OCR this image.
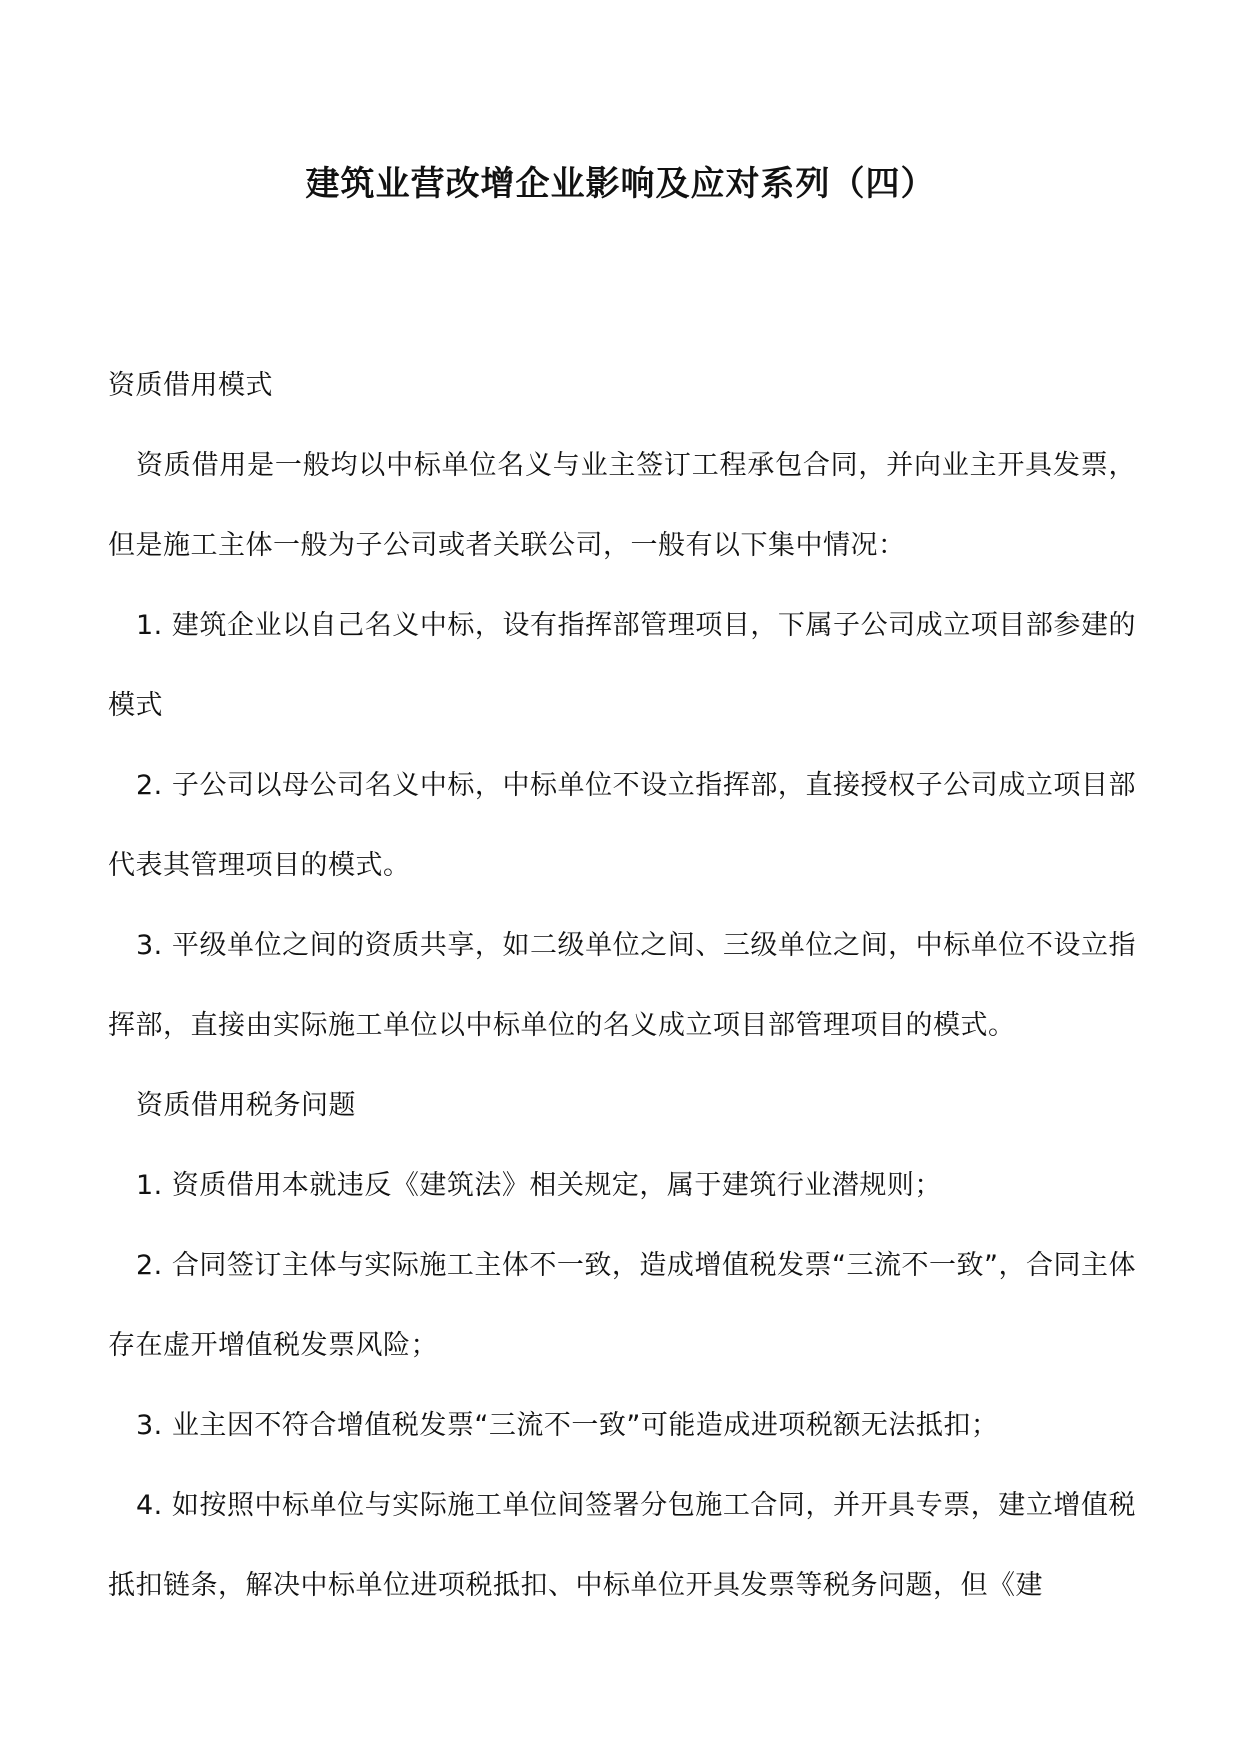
建筑业营改增企业影响及应对系列（四）

资质借用模式

资质借用是一般均以中标单位名义与业主签订工程承包合同，并向业主开具发票，但是施工主体一般为子公司或者关联公司，一般有以下集中情况：

1. 建筑企业以自己名义中标，设有指挥部管理项目，下属子公司成立项目部参建的模式

2. 子公司以母公司名义中标，中标单位不设立指挥部，直接授权子公司成立项目部代表其管理项目的模式。

3. 平级单位之间的资质共享，如二级单位之间、三级单位之间，中标单位不设立指挥部，直接由实际施工单位以中标单位的名义成立项目部管理项目的模式。

资质借用税务问题

1. 资质借用本就违反《建筑法》相关规定，属于建筑行业潜规则；

2. 合同签订主体与实际施工主体不一致，造成增值税发票“三流不一致”，合同主体存在虚开增值税发票风险；

3. 业主因不符合增值税发票“三流不一致”可能造成进项税额无法抵扣；

4. 如按照中标单位与实际施工单位间签署分包施工合同，并开具专票，建立增值税抵扣链条，解决中标单位进项税抵扣、中标单位开具发票等税务问题，但《建
